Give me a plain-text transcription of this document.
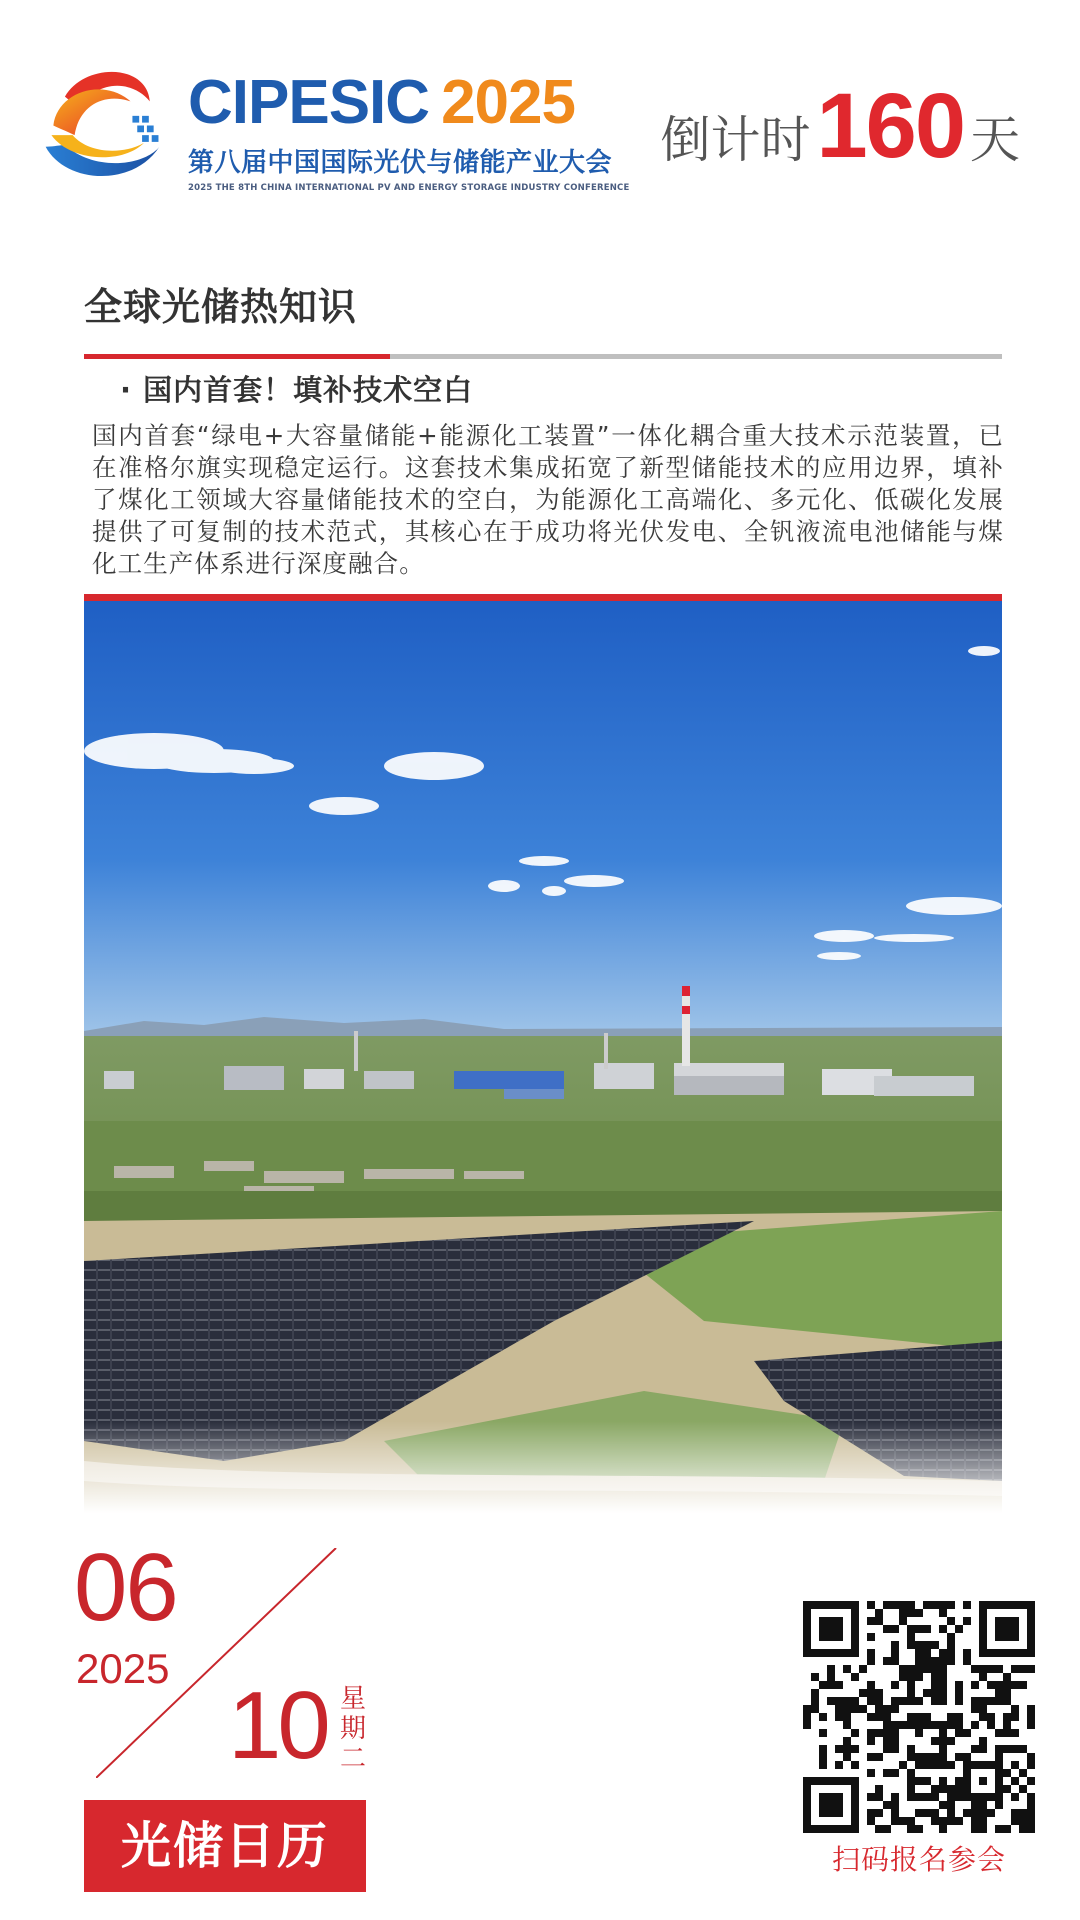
CIPESIC 2025
第八届中国国际光伏与储能产业大会
2025 THE 8TH CHINA INTERNATIONAL PV AND ENERGY STORAGE INDUSTRY CONFERENCE
倒计时 160 天
全球光储热知识
· 国内首套！填补技术空白
国内首套“绿电+大容量储能+能源化工装置”一体化耦合重大技术示范装置，已在准格尔旗实现稳定运行。这套技术集成拓宽了新型储能技术的应用边界，填补了煤化工领域大容量储能技术的空白，为能源化工高端化、多元化、低碳化发展提供了可复制的技术范式，其核心在于成功将光伏发电、全钒液流电池储能与煤化工生产体系进行深度融合。
06
2025
10 星期二
光储日历	扫码报名参会
